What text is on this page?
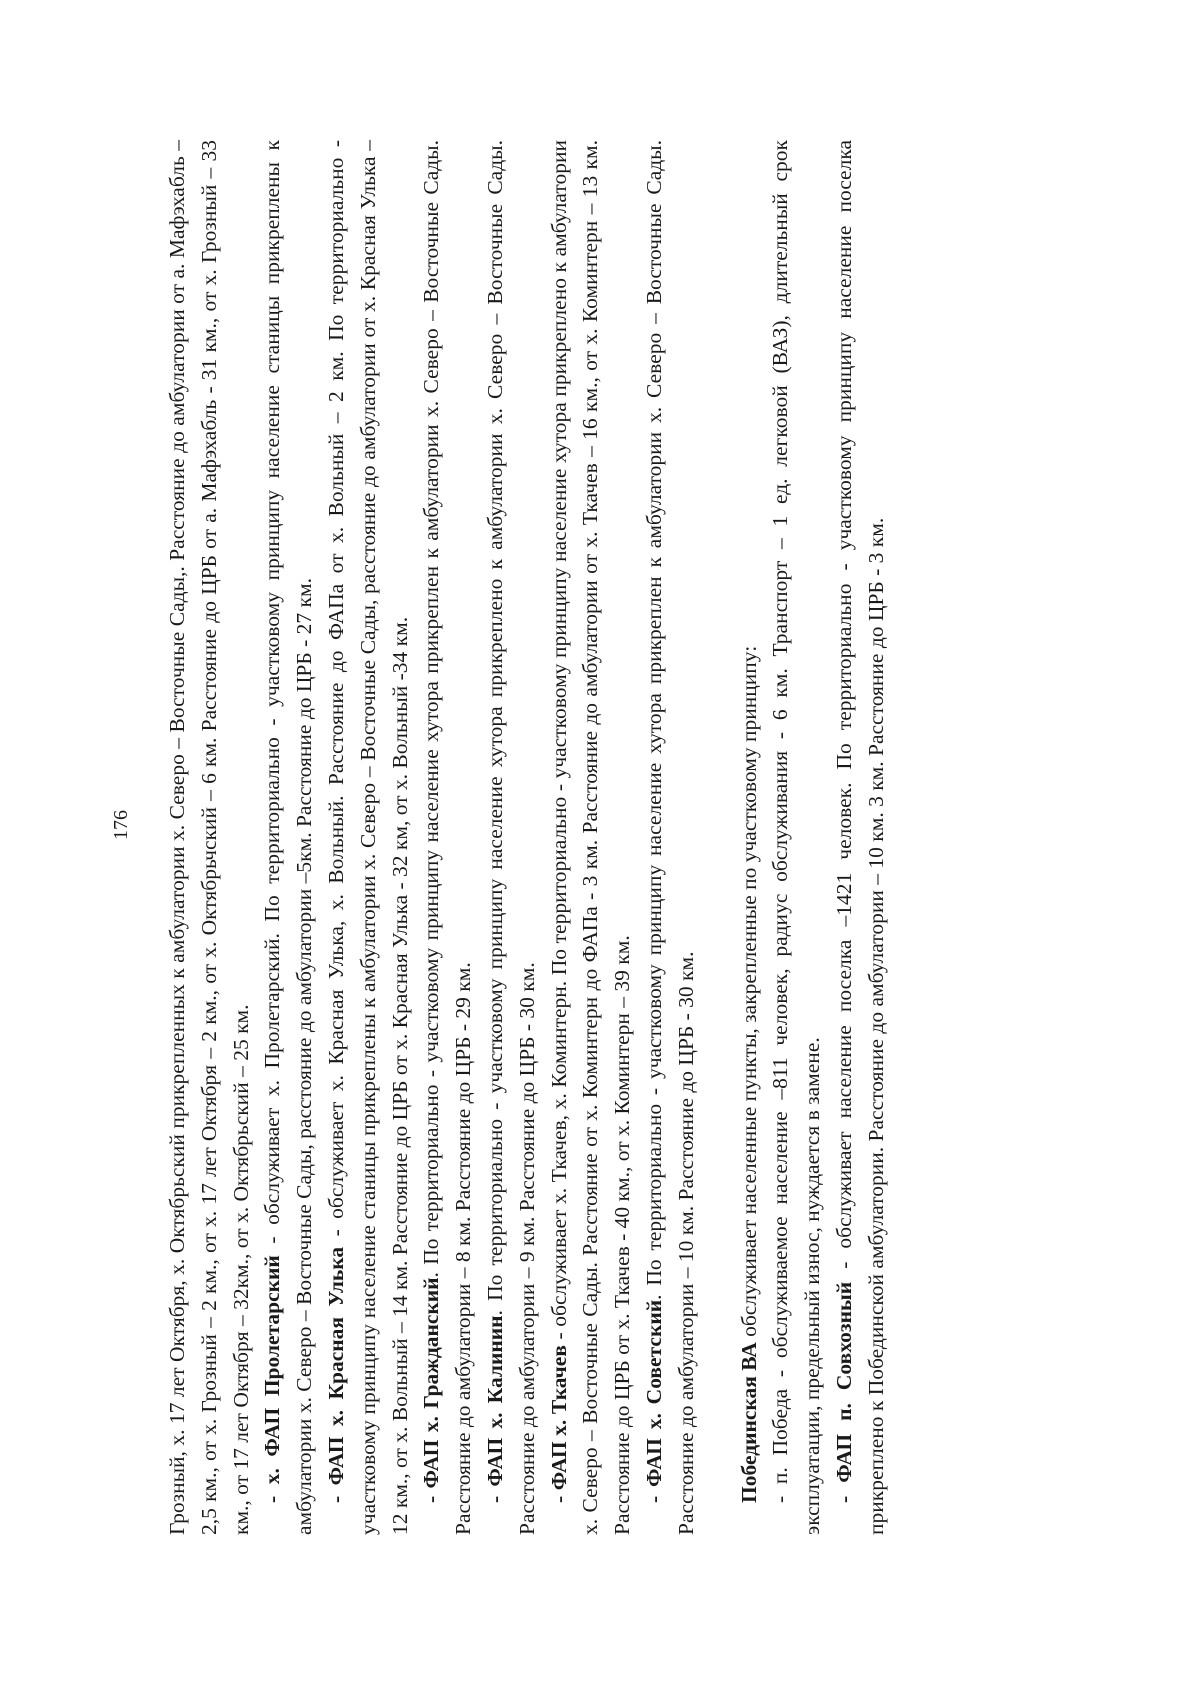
176 Грозный, х. 17 лет Октября, х. Октябрьский прикрепленных к амбулатории х. Северо – Восточные Сады,. Расстояние до амбулатории от а. Мафэхабль – 2,5 км., от х. Грозный – 2 км., от х. 17 лет Октября – 2 км., от х. Октябрьчский – 6 км. Расстояние до ЦРБ от а. Мафэхабль - 31 км., от х. Грозный – 33 км., от 17 лет Октября – 32км., от х. Октябрьский – 25 км. - х. ФАП Пролетарский - обслуживает х. Пролетарский. По территориально - участковому принципу население станицы прикреплены к амбулатории х. Северо – Восточные Сады, расстояние до амбулатории –5км. Расстояние до ЦРБ - 27 км. - ФАП х. Красная Улька - обслуживает х. Красная Улька, х. Вольный. Расстояние до ФАПа от х. Вольный – 2 км. По территориально - участковому принципу население станицы прикреплены к амбулатории х. Северо – Восточные Сады, расстояние до амбулатории от х. Красная Улька –12 км., от х. Вольный – 14 км. Расстояние до ЦРБ от х. Красная Улька - 32 км, от х. Вольный -34 км. - ФАП х. Гражданский. По территориально - участковому принципу население хутора прикреплен к амбулатории х. Северо – Восточные Сады. Расстояние до амбулатории – 8 км. Расстояние до ЦРБ - 29 км. - ФАП х. Калинин. По территориально - участковому принципу население хутора прикреплено к амбулатории х. Северо – Восточные Сады. Расстояние до амбулатории – 9 км. Расстояние до ЦРБ - 30 км. - ФАП х. Ткачев - обслуживает х. Ткачев, х. Коминтерн. По территориально - участковому принципу население хутора прикреплено к амбулатории х. Северо – Восточные Сады. Расстояние от х. Коминтерн до ФАПа - 3 км. Расстояние до амбулатории от х. Ткачев – 16 км., от х. Коминтерн – 13 км. Расстояние до ЦРБ от х. Ткачев - 40 км., от х. Коминтерн – 39 км. - ФАП х. Советский. По территориально - участковому принципу население хутора прикреплен к амбулатории х. Северо – Восточные Сады. Расстояние до амбулатории – 10 км. Расстояние до ЦРБ - 30 км. Побединская ВА обслуживает населенные пункты, закрепленные по участковому принципу: - п. Победа - обслуживаемое население –811 человек, радиус обслуживания - 6 км. Транспорт – 1 ед. легковой (ВАЗ), длительный срок эксплуатации, предельный износ, нуждается в замене. - ФАП п. Совхозный - обслуживает население поселка –1421 человек. По территориально - участковому принципу население поселка прикреплено к Побединской амбулатории. Расстояние до амбулатории – 10 км. 3 км. Расстояние до ЦРБ - 3 км.
